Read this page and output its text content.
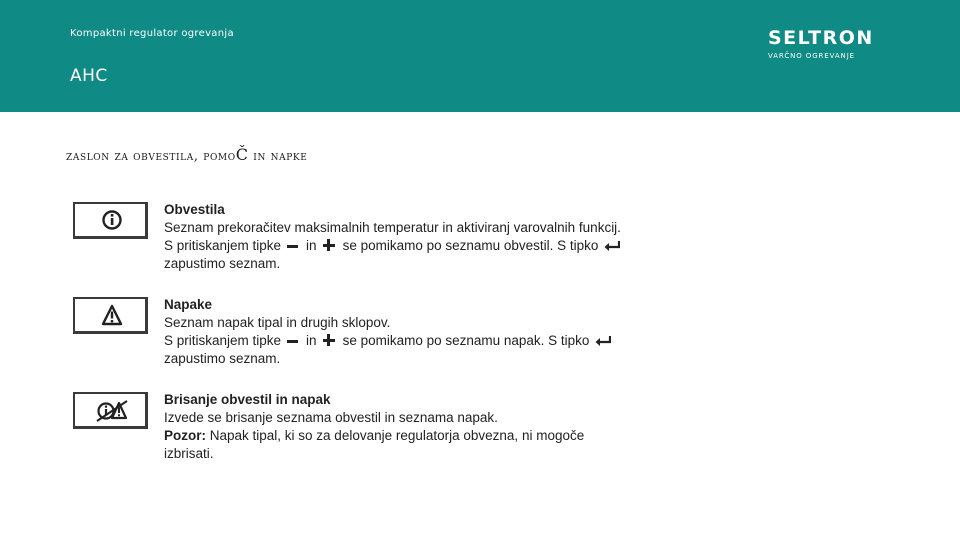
Kompaktni regulator ogrevanja
AHC
SELTRON
VARČNO OGREVANJE
zaslon za obvestila, pomoČ in napke
Obvestila
Seznam prekoračitev maksimalnih temperatur in aktiviranj varovalnih funkcij.
S pritiskanjem tipke in se pomikamo po seznamu obvestil. S tipko
zapustimo seznam.
Napake
Seznam napak tipal in drugih sklopov.
S pritiskanjem tipke in se pomikamo po seznamu napak. S tipko
zapustimo seznam.
Brisanje obvestil in napak
Izvede se brisanje seznama obvestil in seznama napak.
Pozor: Napak tipal, ki so za delovanje regulatorja obvezna, ni mogoče
izbrisati.
